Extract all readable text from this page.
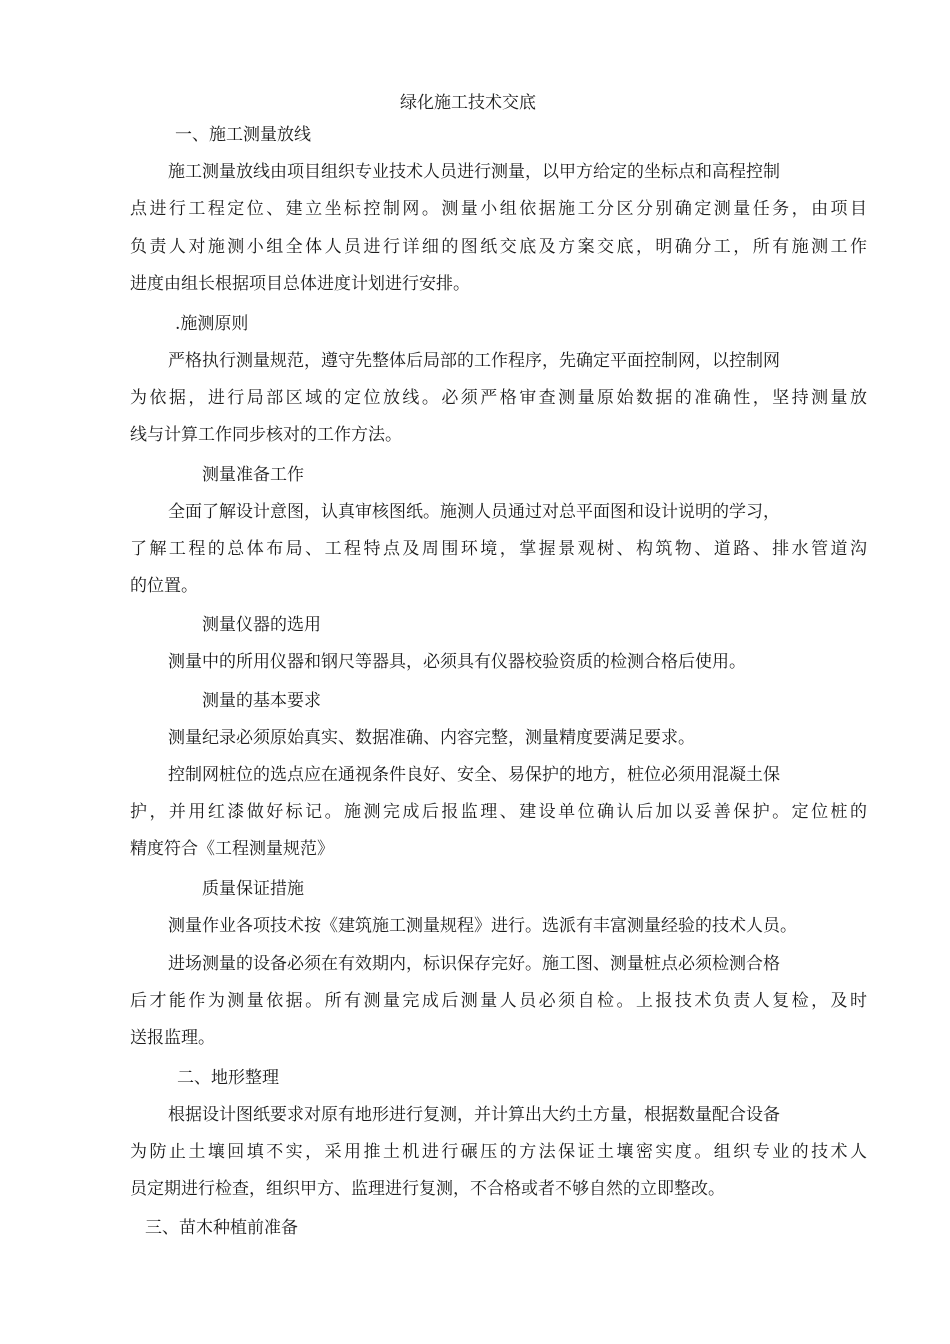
绿化施工技术交底
一、施工测量放线
施工测量放线由项目组织专业技术人员进行测量，以甲方给定的坐标点和高程控制
点进行工程定位、建立坐标控制网。测量小组依据施工分区分别确定测量任务，由项目
负责人对施测小组全体人员进行详细的图纸交底及方案交底，明确分工，所有施测工作
进度由组长根据项目总体进度计划进行安排。
.施测原则
严格执行测量规范，遵守先整体后局部的工作程序，先确定平面控制网，以控制网
为依据，进行局部区域的定位放线。必须严格审查测量原始数据的准确性，坚持测量放
线与计算工作同步核对的工作方法。
测量准备工作
全面了解设计意图，认真审核图纸。施测人员通过对总平面图和设计说明的学习，
了解工程的总体布局、工程特点及周围环境，掌握景观树、构筑物、道路、排水管道沟
的位置。
测量仪器的选用
测量中的所用仪器和钢尺等器具，必须具有仪器校验资质的检测合格后使用。
测量的基本要求
测量纪录必须原始真实、数据准确、内容完整，测量精度要满足要求。
控制网桩位的选点应在通视条件良好、安全、易保护的地方，桩位必须用混凝土保
护，并用红漆做好标记。施测完成后报监理、建设单位确认后加以妥善保护。定位桩的
精度符合《工程测量规范》
质量保证措施
测量作业各项技术按《建筑施工测量规程》进行。选派有丰富测量经验的技术人员。
进场测量的设备必须在有效期内，标识保存完好。施工图、测量桩点必须检测合格
后才能作为测量依据。所有测量完成后测量人员必须自检。上报技术负责人复检，及时
送报监理。
二、地形整理
根据设计图纸要求对原有地形进行复测，并计算出大约土方量，根据数量配合设备
为防止土壤回填不实，采用推土机进行碾压的方法保证土壤密实度。组织专业的技术人
员定期进行检查，组织甲方、监理进行复测，不合格或者不够自然的立即整改。
三、苗木种植前准备
